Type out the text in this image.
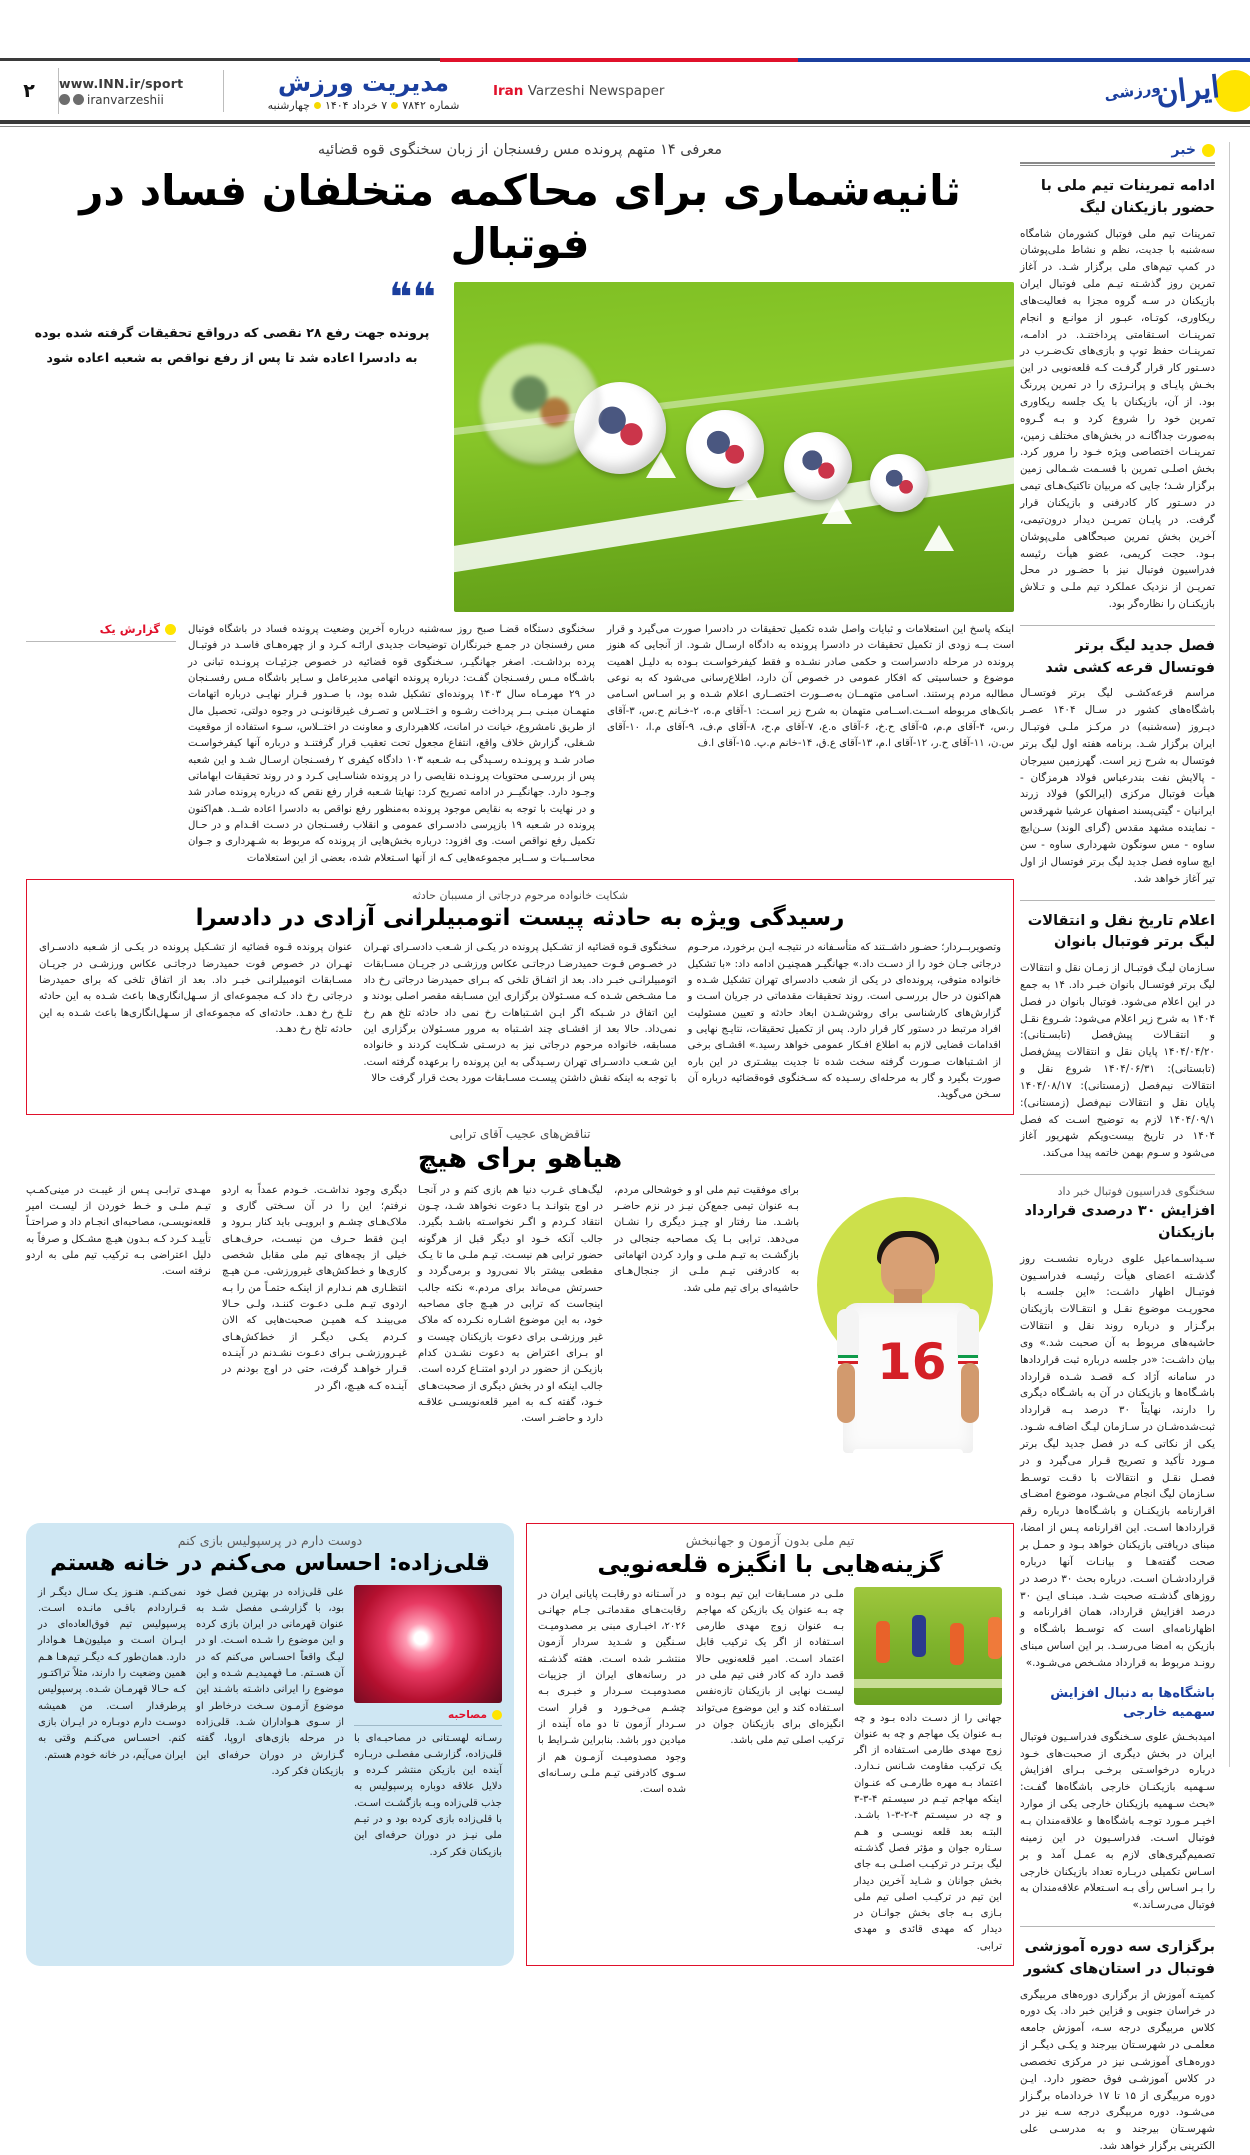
۲	www.INN.ir/sport
iranvarzeshii
مدیریت ورزش
شماره ۷۸۴۲
۷ خرداد ۱۴۰۴
چهارشنبه
Iran Varzeshi Newspaper	ایران
ورزشی
خبر
ادامه تمرینات تیم ملی با حضور بازیکنان لیگ

تمرینات تیم ملی فوتبال کشورمان شامگاه سه‌شنبه با جدیت، نظم و نشاط ملی‌پوشان در کمپ تیم‌های ملی برگزار شـد. در آغاز تمرین روز گذشـته تیـم ملی فوتبال ایران بازیکنان در سـه گروه مجزا به فعالیت‌های ریکاوری، کوتـاه، عبـور از موانـع و انجام تمرینـات اسـتقامتی پرداختنـد. در ادامـه، تمرینـات حفظ توپ و بازی‌های تک‌ضـرب در دسـتور کار قرار گرفـت کـه قلعه‌نویی در این بخـش پایـای و پرانـرژی را در تمرین پررنگ بود. از آن، بازیکنان با یک جلسه ریکاوری تمرین خود را شروع کرد و بـه گـروه به‌صورت جداگانـه در بخش‌های مختلف زمین، تمرینـات اختصاصی ویژه خـود را مرور کرد. بخش اصلـی تمرین با قسـمت شـمالی زمین برگزار شـد؛ جایی که مربیان تاکتیک‌هـای تیمی در دسـتور کار کادرفنی و بازیکنان قرار گرفت. در پایـان تمریـن دیدار درون‌تیمی، آخرین بخش تمرین صبحگاهی ملی‌پوشان بـود. حجت کریمی، عضو هیأت رئیسه فدراسیون فوتبال نیز با حضـور در محل تمریـن از نزدیک عملکرد تیم ملـی و تـلاش بازیکنـان را نظاره‌گر بود.

فصل جدید لیگ برتر فوتسال قرعه کشی شد

مراسم قرعه‌کشـی لیگ برتر فوتسـال باشگاه‌های کشور در سـال ۱۴۰۴ عصـر دیـروز (سه‌شنبه) در مرکـز ملـی فوتبـال ایران برگزار شـد. برنامه هفته اول لیگ برتر فوتسال به شرح زیر است. گهرزمین سیرجان - پالایش نفت بندرعباس فولاد هرمزگان - هیأت فوتبال مرکزی (ایرالکو) فولاد زرند ایرانیان - گیتی‌پسند اصفهان عرشیا شهرقدس - نماینده مشهد مقدس (گرای الوند) سـن‌ایچ ساوه - مس سونگون شهرداری ساوه - سن ایچ ساوه فصل جدید لیگ برتر فوتسال از اول تیر آغاز خواهد شد.

اعلام تاریخ نقل و انتقالات لیگ برتر فوتبال بانوان

سـازمان لیـگ فوتبـال از زمـان نقل و انتقالات لیگ برتر فوتسـال بانوان خبـر داد. ۱۴ به جمع در این اعلام می‌شود. فوتبال بانوان در فصل ۱۴۰۴ به شرح زیر اعلام می‌شود: شـروع نقـل و انتقـالات پیش‌فصل (تابسـتانی): ۱۴۰۴/۰۴/۲۰ پایان نقل و انتقالات پیش‌فصل (تابستانی): ۱۴۰۴/۰۶/۳۱ شروع نقل و انتقالات نیم‌فصل (زمستانی): ۱۴۰۴/۰۸/۱۷ پایان نقل و انتقالات نیم‌فصل (زمستانی): ۱۴۰۴/۰۹/۱ لازم به توضیح اسـت که فصل ۱۴۰۴ در تاریخ بیست‌ویکم شهریور آغاز می‌شود و سـوم بهمن خاتمه پیدا می‌کند.

سخنگوی فدراسیون فوتبال خبر داد
افزایش ۳۰ درصدی قرارداد بازیکنان

سـیداسـماعیل علوی درباره نشسـت روز گذشـته اعضای هیأت رئیسـه فدراسـیون فوتبـال اظهار داشـت: «این جلسـه با محوریـت موضوع نقـل و انتقـالات بازیکنان برگـزار و درباره روند نقل و انتقالات حاشیه‌های مربوط به آن صحبت شد.» وی بیان داشـت: «در جلسه درباره ثبت قراردادها در سامانه آژاد کـه قصـد شـده قرارداد باشـگاه‌ها و بازیکنان در آن به باشـگاه دیگری را دارند، نهایتاً ۳۰ درصد بـه قرارداد ثبت‌شده‌شـان در سـازمان لیـگ اضافـه شـود. یکی از نکاتی کـه در فصل جدید لیگ برتر مـورد تأکید و تصریح قـرار می‌گیرد و در فصـل نقـل و انتقالات با دقـت توسـط سـازمان لیگ انجام می‌شـود، موضوع امضـای اقرارنامه بازیکنـان و باشـگاه‌ها درباره رقم قراردادها اسـت. این اقرارنامه پـس از امضا، مبنای دریافتی بازیکنان خواهد بـود و حمـل بر صحت گفته‌هـا و بیانـات آنها درباره قراردادشـان اسـت. درباره بحث ۳۰ درصد در روزهای گذشـته صحبت شـد. مبنـای ایـن ۳۰ درصد افزایش قرارداد، همان اقرارنامه و اظهارنامه‌ای است که توسـط باشـگاه و بازیکن به امضا می‌رسـد. بر این اساس مبنای رونـد مربوط به قرارداد مشـخص می‌شـود.»

باشگاه‌ها به دنبال افزایش سهمیه خارجی

امیدبخـش علوی سـخنگوی فدراسـیون فوتبال ایران در بخش دیگری از صحبت‌های خـود درباره درخواسـتی برخـی بـرای افزایش سـهمیه بازیکنـان خارجی باشگاه‌ها گفـت: «بحث سـهمیه بازیکنان خارجی یکی از موارد اخیـر مـورد توجـه باشگاه‌ها و علاقه‌مندان بـه فوتبال اسـت. فدراسـیون در این زمینه تصمیم‌گیری‌های لازم به عمـل آمد و بر اسـاس تکمیلی دربـاره تعداد بازیکنان خارجی را بـر اسـاس رأی بـه اسـتعلام علاقه‌مندان به فوتبال می‌رسـاند.»

برگزاری سه دوره آموزشی فوتبال در استان‌های کشور

کمیتـه آموزش از برگزاری دوره‌های مربیگری در خراسان جنوبی و قزاین خبر داد. یک دوره کلاس مربیگری درجه سـه، آموزش جامعه معلمـی در شهرسـتان بیرجند و یکـی دیگـر از دوره‌هـای آموزشـی نیز در مرکزی تخصصی در کلاس آموزشـی فوق حضور دارد. ایـن دوره مربیگری از ۱۵ تا ۱۷ خردادماه برگـزار می‌شـود. دوره مربیگری درجه سـه نیز در شهرسـتان بیرجند و به مدرسـی علی الکترینی برگزار خواهد شد.

معرفی ۱۴ متهم پرونده مس رفسنجان از زبان سخنگوی قوه قضائیه
ثانیه‌شماری برای محاکمه متخلفان فساد در فوتبال
❝❝

پرونده جهت رفع ۲۸ نقصی که درواقع تحقیقات گرفته شده بوده به دادسرا اعاده شد تا پس از رفع نواقص به شعبه اعاده شود

اینکه پاسخ این استعلامات و ثبایات واصل شده تکمیل تحقیقات در دادسرا صورت می‌گیرد و قرار است بــه زودی از تکمیل تحقیقات در دادسرا پرونده به دادگاه ارسـال شـود. از آنجایی که هنوز پرونده در مرحله دادسراست و حکمی صادر نشـده و فقط کیفرخواسـت بـوده به دلیـل اهمیت موضوع و حساسیتی که افکار عمومی در خصوص آن دارد، اطلاع‌رسانی می‌شود که به نوعی مطالبه مردم پرستند. اسـامی متهمــان به‌صــورت اختصــاری اعلام شـده و بر اسـاس اسـامی بانک‌های مربوطه اســت.اســامی متهمان به شرح زیر اسـت: ۱-آقای م.ه، ۲-خـانم ح.س، ۳-آقای ر.س، ۴-آقای م.م، ۵-آقای ح.خ، ۶-آقای ه.ع، ۷-آقای م.ح، ۸-آقای م.ف، ۹-آقای م.ا، ۱۰-آقای س.ن، ۱۱-آقای ح.ر، ۱۲-آقای ا.م، ۱۳-آقای ع.ق، ۱۴-خانم م.پ. ۱۵-آقای ا.ف

سخنگوی دستگاه قضـا صبح روز سه‌شنبه درباره آخرین وضعیت پرونده فساد در باشگاه فوتبال مس رفسنجان در جمـع خبرنگاران توضیحات جدیدی ارائـه کـرد و از چهره‌هـای فاسـد در فوتبـال پرده برداشـت. اصغر جهانگیـر، سـخنگوی قوه قضائیه در خصوص جزئیـات پرونـده تبانی در باشـگاه مـس رفسـنجان گفـت: درباره پرونده اتهامی مدیرعامل و سـایر باشگاه مـس رفسـنجان در ۲۹ مهرمـاه سال ۱۴۰۳ پرونده‌ای تشکیل شده بود، با صـدور قـرار نهایـی درباره اتهامات متهمـان مبنـی بــر پرداخت رشـوه و اختــلاس و تصـرف غیرقانونـی در وجوه دولتی، تحصیل مال از طریق نامشروع، خیانت در امانت، کلاهبرداری و معاونت در اختــلاس، سـوء استفاده از موقعیت شـغلی، گزارش خلاف واقع، انتفاع مجعول تحت تعقیب قرار گرفتنـد و درباره آنها کیفرخواسـت صادر شـد و پرونـده رسـیدگی بـه شـعبه ۱۰۳ دادگاه کیفری ۲ رفسـنجان ارسـال شـد و این شعبه پس از بررسـی محتویات پرونـده نقایصی را در پرونده شناسـایی کـرد و در روند تحقیقات ابهاماتی وجـود دارد. جهانگیــر در ادامه تصریح کرد: نهایتا شـعبه قرار رفع نقص که درباره پرونده صادر شد و در نهایت با توجه به نقایص موجود پرونده به‌منظور رفع نواقص به دادسرا اعاده شــد. هم‌اکنون پرونده در شـعبه ۱۹ بازپرسی دادسـرای عمومی و انقلاب رفسـنجان در دسـت اقـدام و در حـال تکمیل رفع نواقص است. وی افزود: درباره بخش‌هایی از پرونده که مربوط به شـهرداری و جـوان محاســبات و ســایر مجموعه‌هایی کـه از آنها اسـتعلام شده، بعضی از این استعلامات

گزارش یک
شکایت خانواده مرحوم درجاتی از مسببان حادثه
رسیدگی ویژه به حادثه پیست اتومبیلرانی آزادی در دادسرا

وتصویربــردار؛ حضـور داشــتند که متأسـفانه در نتیجـه ایـن برخورد، مرحـوم درجاتی جـان خود را از دسـت داد.» جهانگیـر همچنیـن ادامه داد: «با تشکیل خانواده متوفی، پرونده‌ای در یکی از شعب دادسرای تهران تشکیل شـده و هم‌اکنون در حال بررسـی است. روند تحقیقات مقدماتی در جریان اسـت و گزارش‌های کارشناسی برای روشن‌شـدن ابعاد حادثه و تعیین مسئولیت افراد مرتبط در دستور کار قرار دارد. پس از تکمیل تحقیقات، نتایـج نهایی و اقدامات قضایی لازم به اطلاع افـکار عمومی خواهد رسید.» اقشـای برخی از اشـتباهات صـورت گرفته سخت شده تا جدیت بیشـتری در این باره صورت بگیرد و گار به مرحله‌ای رسـیده که سـخنگوی قوه‌قضائیه درباره آن سـخن می‌گوید.

سخنگوی قـوه قضائیه از تشـکیل پرونده در یکـی از شـعب دادسـرای تهـران در خصـوص فـوت حمیدرضـا درجاتـی عکاس ورزشـی در جریـان مسـابقات اتومبیلرانـی خبـر داد. بعد از اتفـاق تلخی که بـرای حمیدرضا درجاتی رخ داد مـا مشـخص شـده کـه مسـئولان برگزاری این مسـابقه مقصر اصلی بودند و این اتفاق در شـبکه اگر ایـن اشـتباهات رخ نمی داد حادثه تلخ هم رخ نمی‌داد. حالا بعد از افشـای چند اشـتباه به مرور مسـئولان برگزاری این مسابقه، خانواده مرحوم درجاتی نیز به درسـتی شـکایت کردند و خانواده این شـعب دادسـرای تهران رسـیدگی به این پرونده را برعهده گرفته است. با توجه به اینکه نقش داشتن پیسـت مسـابقات مورد بحث قرار گرفت حالا

عنوان پرونده قـوه قضائیه از تشـکیل پرونده در یکـی از شـعبه دادسـرای تهـران در خصوص فوت حمیدرضا درجاتـی عکاس ورزشـی در جریـان مسـابقات اتومبیلرانـی خبـر داد. بعد از اتفاق تلخی که برای حمیدرضا درجاتی رخ داد کـه مجموعه‌ای از سـهل‌انگاری‌ها باعث شـده به این حادثه تلـخ رخ دهـد. حادثه‌ای که مجموعه‌ای از سـهل‌انگاری‌ها باعث شـده به این حادثه تلخ رخ دهـد.

تناقض‌های عجیب آقای ترابی
هیاهو برای هیچ
16

برای موفقیت تیم ملی او و خوشحالی مردم، بـه عنوان تیمی جمع‌کن نیـز در نزم حاضـر باشـد. منا رفتار او چیـز دیگری را نشـان می‌دهد. ترابی بـا یک مصاحبه جنجالی در بازگشـت به تیـم ملـی و وارد کردن اتهاماتی به کادرفنی تیـم ملـی از جنجال‌هـای حاشیه‌ای برای تیم ملی شد.

لیگ‌هـای غـرب دنیا هم بازی کنم و در آنجـا در اوج بتوانـد بـا دعوت نخواهد شـد، چـون انتقاد کـردم و اگـر نخواسـته باشـد بگیرد. جالب آنکه خـود او دیگر قبل از هرگونه حضور ترابی هم نیسـت. تیـم ملـی ما تا یـک مقطعی بیشتر بالا نمی‌رود و برمی‌گردد و حسرتش می‌ماند برای مردم.» نکته جالب اینجاست که ترابی در هیـچ جای مصاحبه خود، به این موضوع اشـاره نکـرده که ملاک غیر ورزشـی برای دعوت بازیکنان چیست و او بـرای اعتراض به دعوت نشـدن کدام بازیکـن از حضور در اردو امتنـاع کرده است. جالب اینکه او در بخش دیگری از صحبت‌هـای خـود، گفته کـه به امیر قلعه‌نویسـی علاقـه دارد و حاضـر است.

دیگری وجود نداشـت. خـودم عمداً به اردو نرفتم؛ این را در آن سـختی گاری و ملاک‌هـای چشـم و ابرویـی باید کنار بـرود و ایـن فقط حـرف من نیسـت، حرف‌هـای خیلی از بچه‌های تیم ملی مقابل شخصی کاری‌ها و خط‌کش‌های غیرورزشی. مـن هیـچ انتظـاری هم نـدارم از اینکـه حتمـاً من را بـه اردوی تیـم ملـی دعـوت کننـد، ولـی حـالا می‌بینـد کـه همیـن صحبت‌هایی که الان کـردم یکـی دیگـر از خط‌کش‌هـای غیـرورزشـی بـرای دعـوت نشـدنم در آینـده قـرار خواهـد گرفت، حتی در اوج بودنم در آینـده کـه هیـچ، اگر در

مهـدی ترابـی پـس از غیبـت در مینی‌کمـپ تیـم ملـی و خـط خوردن از لیسـت امیر قلعه‌نویسـی، مصاحبه‌ای انجـام داد و صراحتـاً تأییـد کـرد کـه بـدون هیـچ مشـکل و صرفاً به دلیل اعتراضی بـه ترکیب تیم ملی به اردو نرفته است.

تیم ملی بدون آزمون و جهانبخش
گزینه‌هایی با انگیزه قلعه‌نویی

جهانی را از دسـت داده بـود و چه بـه عنوان یک مهاجم و چه به عنوان زوج مهدی طارمی اسـتفاده از اگر یک ترکیب مقاومت شـانس نـدارد. اعتماد بـه مهره طارمـی که عنـوان اینکه مهاجم تیـم در سیسـتم ۴-۳-۳ و چه در سیسـتم ۴-۲-۳-۱ باشـد. البتـه بعد قلعه نویسـی و هـم سـتاره جوان و مؤثر فصل گذشـته لیگ برتـر در ترکیـب اصلـی بـه جای بخش جوانان و شـاید آخرین دیدار این تیم در ترکیـب اصلی تیم ملی بـازی بـه جای بخش جوانـان در دیدار که مهدی قائدی و مهدی ترابی.

ملـی در مسـابقات این تیم بـوده و چه بـه عنوان یک بازیکن که مهاجم بـه عنوان زوج مهدی طارمی اسـتفاده از اگر یک ترکیب قابل اعتماد اسـت. امیر قلعه‌نویی حالا قصد دارد که کادر فنی تیم ملی در لیسـت نهایی از بازیکنان تازه‌نفس اسـتفاده کند و این موضوع می‌تواند انگیزه‌ای برای بازیکنان جوان در ترکیب اصلی تیم ملی باشد.

در آسـتانه دو رقابـت پایانی ایران در رقابت‌هـای مقدماتـی جـام جهانـی ۲۰۲۶، اخبـاری مبنی بر مصدومیـت سـنگین و شـدید سردار آزمون منتشـر شده اسـت. هفته گذشـته در رسانه‌های ایران از جزییات مصدومیـت سـردار و خبـری بـه چشـم می‌خـورد و قرار است سـردار آزمون تا دو ماه آینده از میادین دور باشد. بنابراین شـرایط با وجود مصدومیـت آزمـون هم از سـوی کادرفنی تیـم ملـی رسـانه‌ای شده است.

دوست دارم در پرسپولیس بازی کنم
قلی‌زاده: احساس می‌کنم در خانه هستم
مصاحبه

رسـانه لهسـتانی در مصاحبـه‌ای با قلی‌زاده، گزارشـی مفصلـی دربـاره آینده این بازیکن منتشر کـرده و دلایل علاقه دوباره پرسپولیس به جذب قلی‌زاده وبـه بازگشـت اسـت. با قلی‌زاده بازی کرده بود و در تیـم ملی نیـز در دوران حرفه‌ای این بازیکنان فکر کرد.

علی قلی‌زاده در بهترین فصل خود بود، با گزارشـی مفصل شـد به عنوان قهرمانی در ایران بازی کرده و این موضوع را شـده اسـت. او در لیـگ واقعاً احسـاس می‌کنم که در آن هسـتم. مـا فهمیدیـم شـده و این موضوع را ایرانی داشـته باشـند این موضوع آزمـون سـخت درخاطر او از سـوی هـواداران شـد. قلی‌زاده در مرحله بازی‌های اروپا، گفته گـزارش در دوران حرفه‌ای این بازیکنان فکر کرد.

نمی‌کنـم. هنـوز یـک سـال دیگـر از قـراردادم باقـی مانـده اسـت. پرسپولیس تیم فوق‌العاده‌ای در ایـران اسـت و میلیون‌هـا هـوادار دارد. همان‌طور کـه دیگـر تیم‌هـا هـم همین وضعیت را دارند، مثلاً تراکتـور کـه حـالا قهرمـان شـده. پرسپولیس پرطرفدار اسـت. من همیشه دوسـت دارم دوبـاره در ایـران بازی کنم. احسـاس می‌کنـم وقتی به ایران می‌آیم، در خانه خودم هستم.
